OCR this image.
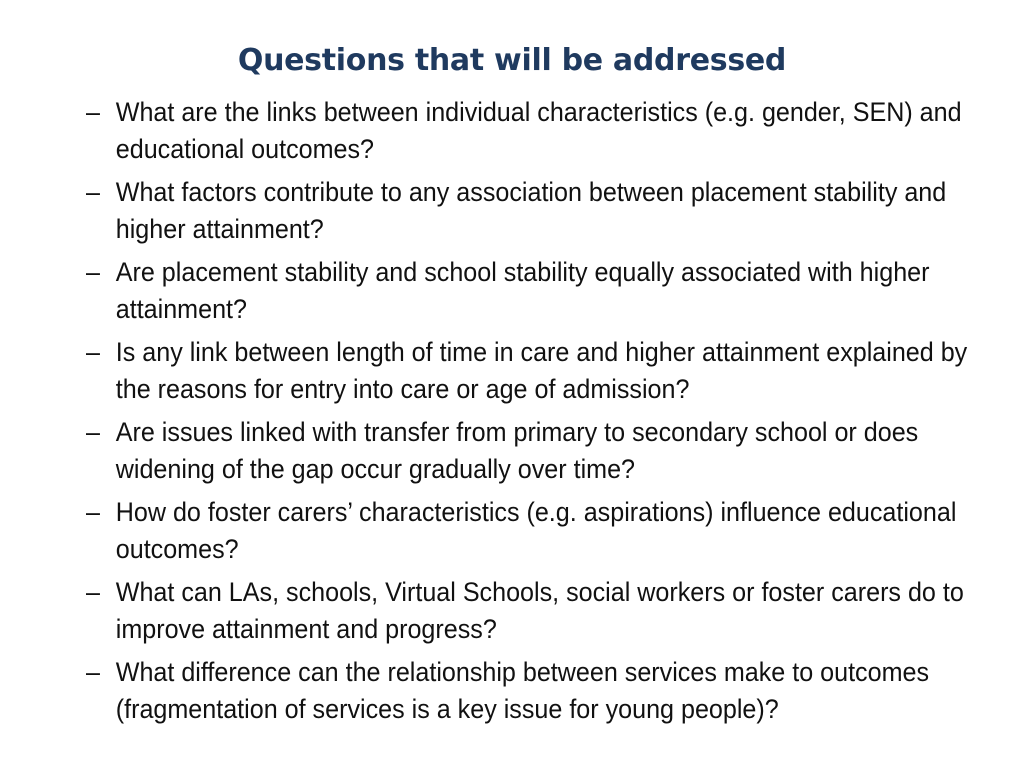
Questions that will be addressed
– What are the links between individual characteristics (e.g. gender, SEN) and educational outcomes?
– What factors contribute to any association between placement stability and higher attainment?
– Are placement stability and school stability equally associated with higher attainment?
– Is any link between length of time in care and higher attainment explained by the reasons for entry into care or age of admission?
– Are issues linked with transfer from primary to secondary school or does widening of the gap occur gradually over time?
– How do foster carers’ characteristics (e.g. aspirations) influence educational outcomes?
– What can LAs, schools, Virtual Schools, social workers or foster carers do to improve attainment and progress?
– What difference can the relationship between services make to outcomes (fragmentation of services is a key issue for young people)?
